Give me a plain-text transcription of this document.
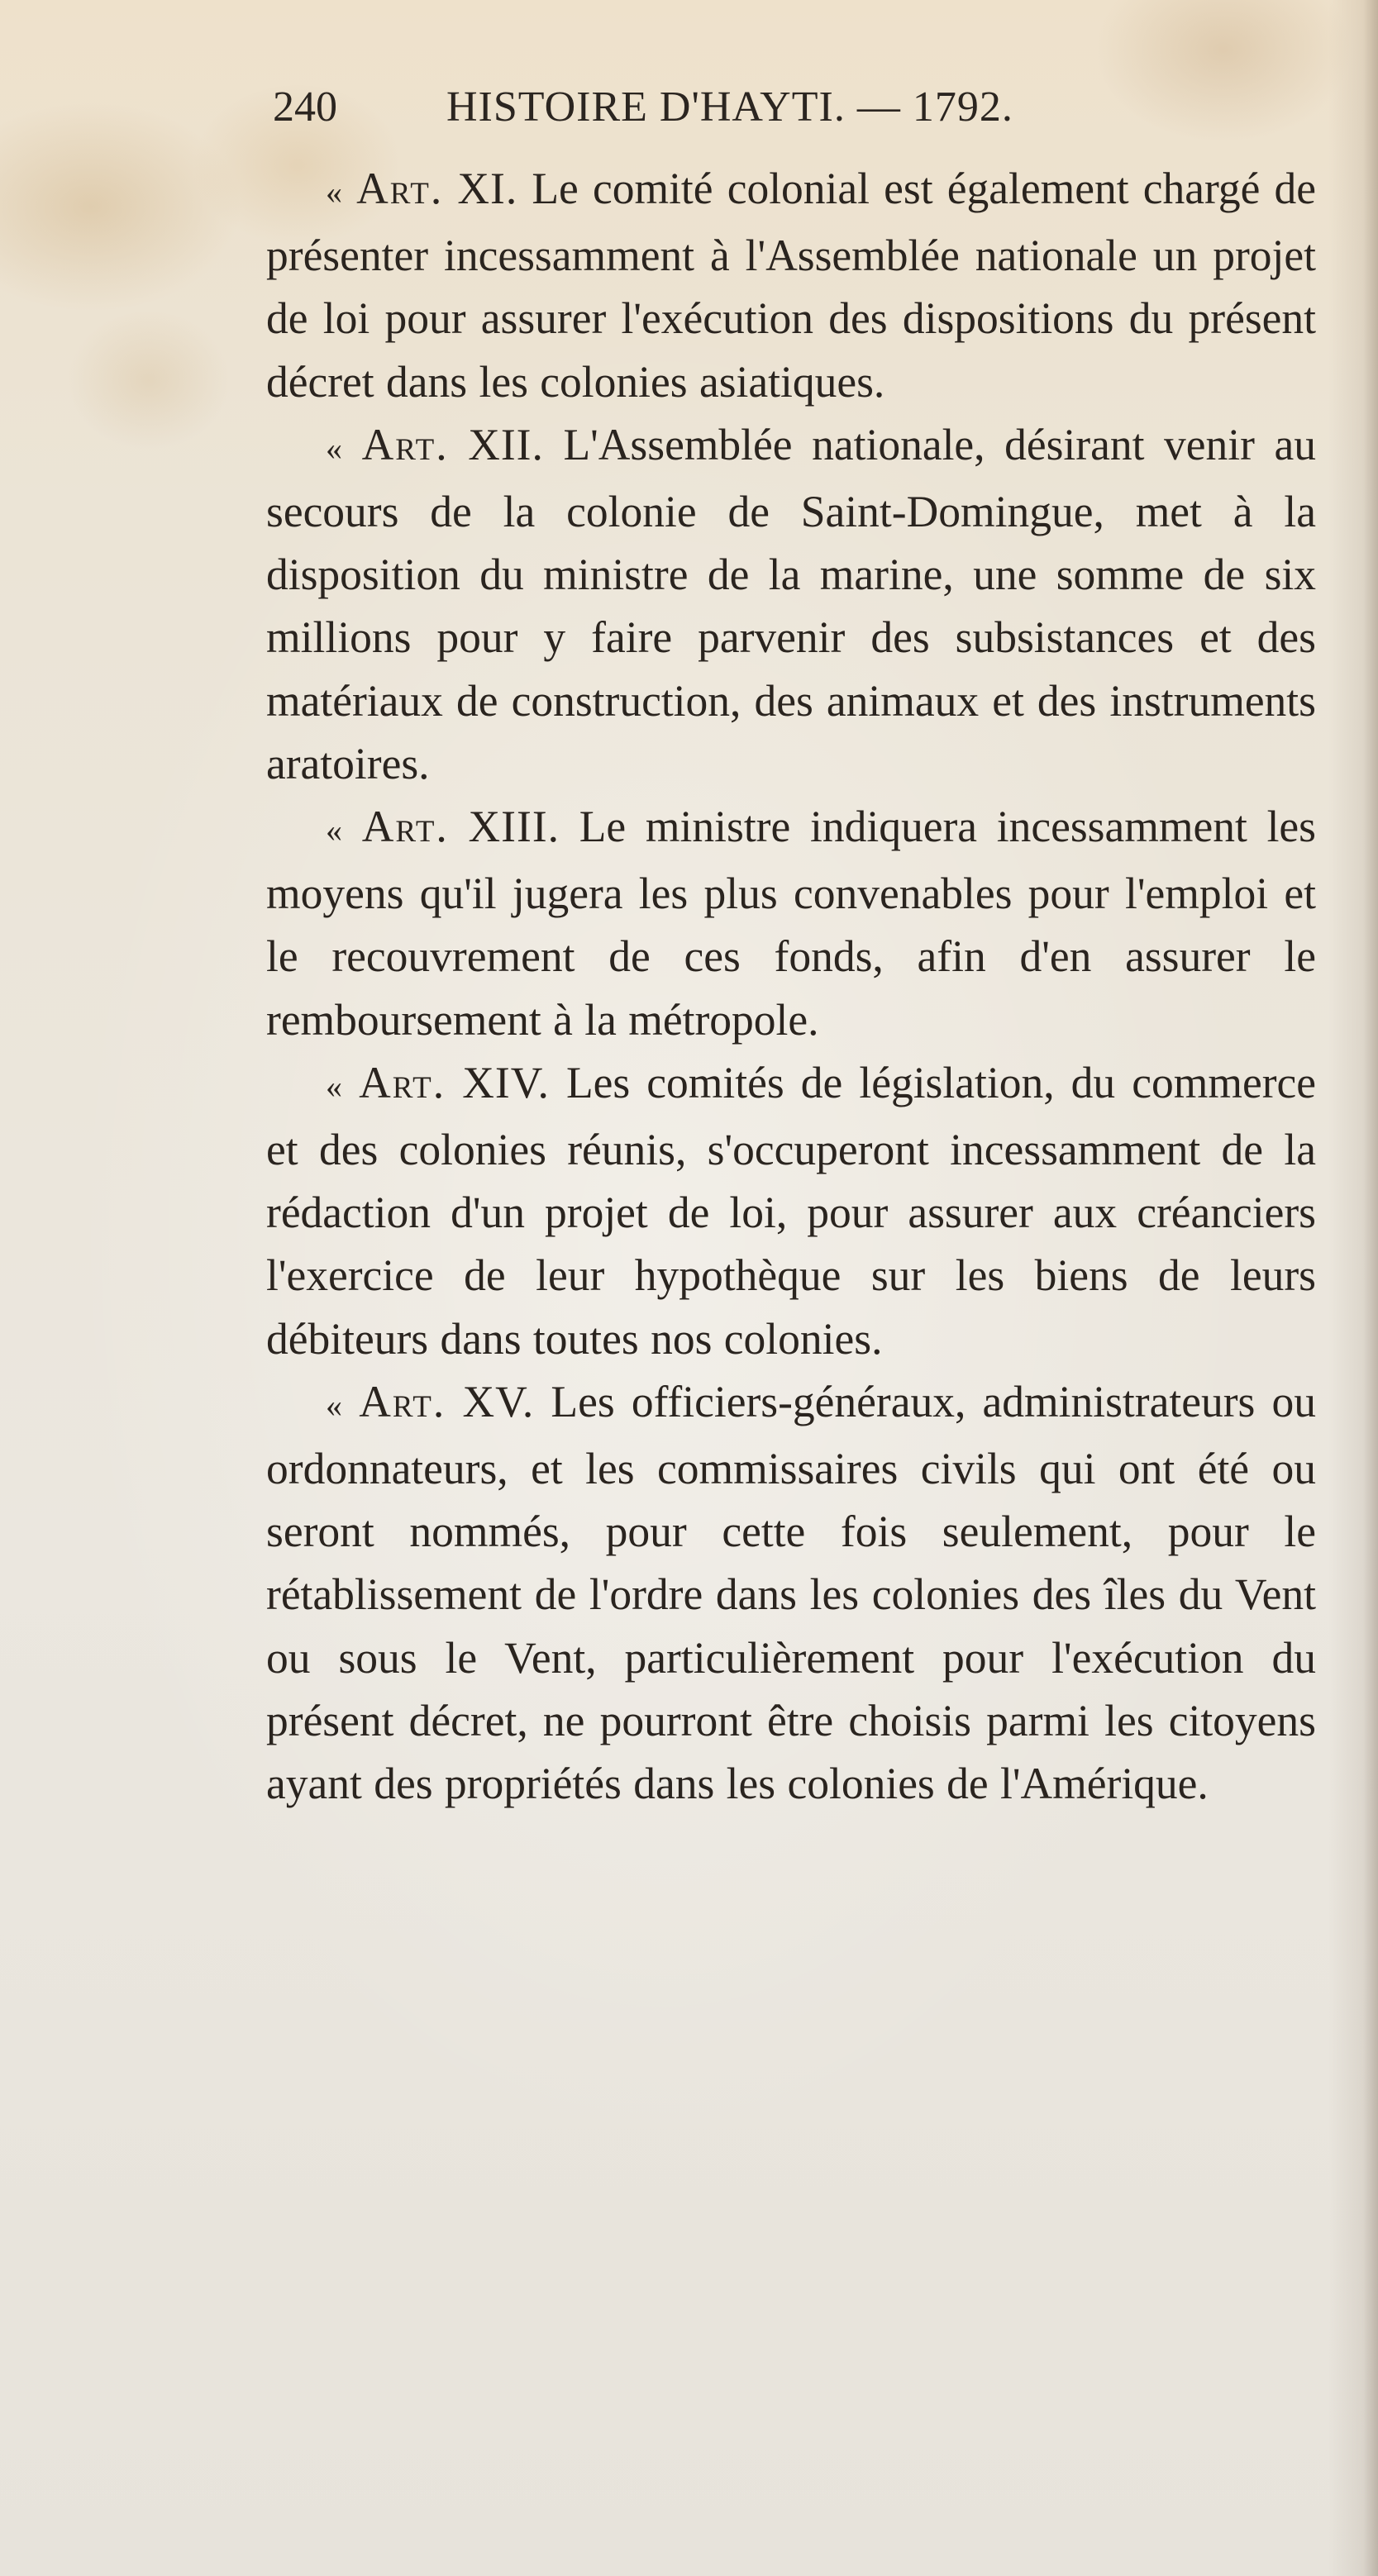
240	HISTOIRE D'HAYTI. — 1792.

« Art. XI. Le comité colonial est également chargé de présenter incessamment à l'Assemblée nationale un projet de loi pour assurer l'exécution des dispositions du présent décret dans les colonies asiatiques.

« Art. XII. L'Assemblée nationale, désirant venir au secours de la colonie de Saint-Domingue, met à la disposition du ministre de la marine, une somme de six millions pour y faire parvenir des subsistances et des matériaux de construction, des animaux et des instruments aratoires.

« Art. XIII. Le ministre indiquera incessamment les moyens qu'il jugera les plus convenables pour l'emploi et le recouvrement de ces fonds, afin d'en assurer le remboursement à la métropole.

« Art. XIV. Les comités de législation, du commerce et des colonies réunis, s'occuperont incessamment de la rédaction d'un projet de loi, pour assurer aux créanciers l'exercice de leur hypothèque sur les biens de leurs débiteurs dans toutes nos colonies.

« Art. XV. Les officiers-généraux, administrateurs ou ordonnateurs, et les commissaires civils qui ont été ou seront nommés, pour cette fois seulement, pour le rétablissement de l'ordre dans les colonies des îles du Vent ou sous le Vent, particulièrement pour l'exécution du présent décret, ne pourront être choisis parmi les citoyens ayant des propriétés dans les colonies de l'Amérique.
